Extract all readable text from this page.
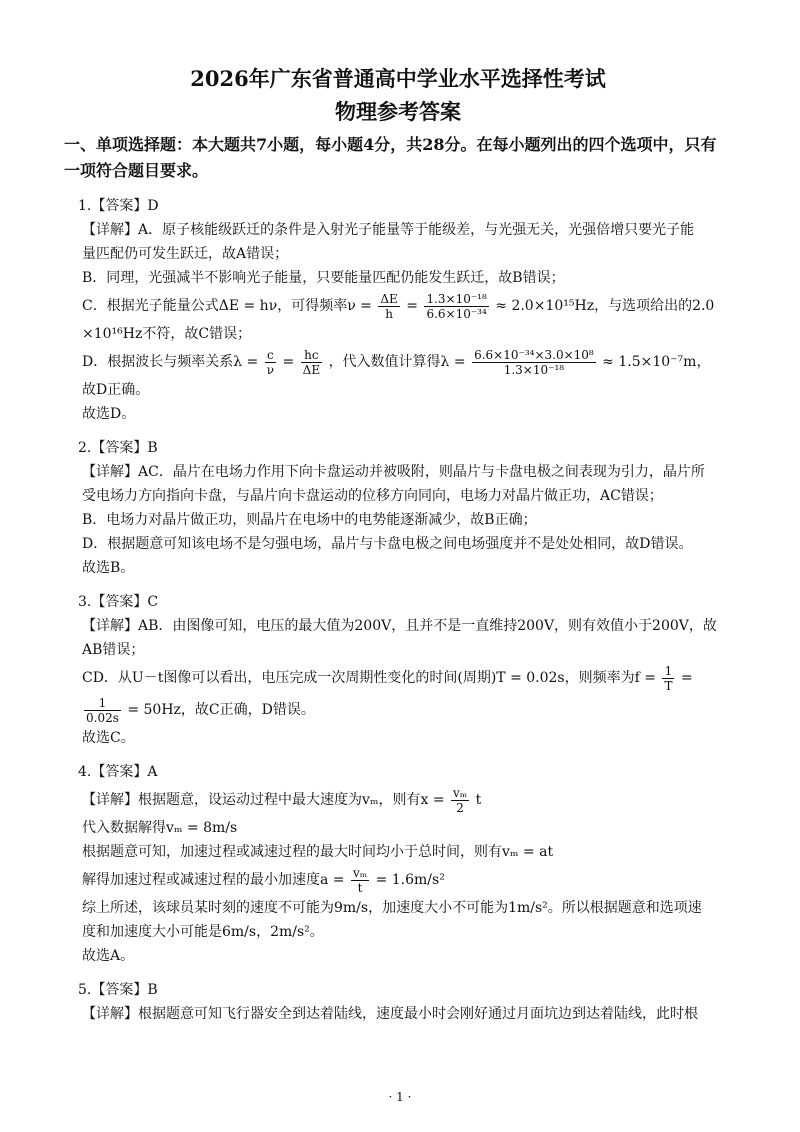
2026年广东省普通高中学业水平选择性考试
物理参考答案
一、单项选择题：本大题共7小题，每小题4分，共28分。在每小题列出的四个选项中，只有一项符合题目要求。
1.【答案】D
【详解】A．原子核能级跃迁的条件是入射光子能量等于能级差，与光强无关，光强倍增只要光子能
量匹配仍可发生跃迁，故A错误；
B．同理，光强减半不影响光子能量，只要能量匹配仍能发生跃迁，故B错误；
C．根据光子能量公式ΔE = hν，可得频率$\nu = \frac{\Delta E}{h} = \frac{\text{1.3×10⁻¹⁸}}{\text{6.6×10⁻³⁴}} \approx 2.0\times 10^{15}Hz$，与选项给出的2.0
×10¹⁶Hz不符，故C错误；
D．根据波长与频率关系$\lambda = \frac{c}{\nu} = \frac{hc}{\Delta E}$ ，代入数值计算得$\lambda = \frac{\text{6.6×10⁻³⁴×3.0×10⁸}}{\text{1.3×10⁻¹⁸}} \approx 1.5\times 10^{-7}m$，
故D正确。
故选D。
2.【答案】B
【详解】AC．晶片在电场力作用下向卡盘运动并被吸附，则晶片与卡盘电极之间表现为引力，晶片所
受电场力方向指向卡盘，与晶片向卡盘运动的位移方向同向，电场力对晶片做正功，AC错误；
B．电场力对晶片做正功，则晶片在电场中的电势能逐渐减少，故B正确；
D．根据题意可知该电场不是匀强电场，晶片与卡盘电极之间电场强度并不是处处相同，故D错误。
故选B。
3.【答案】C
【详解】AB．由图像可知，电压的最大值为200V，且并不是一直维持200V，则有效值小于200V，故
AB错误；
CD．从U－t图像可以看出，电压完成一次周期性变化的时间(周期)T = 0.02s，则频率为$f = \frac{1}{T}$ =
$\frac{1}{0.02s} = 50Hz$，故C正确，D错误。
故选C。
4.【答案】A
【详解】根据题意，设运动过程中最大速度为vₘ，则有$x = \frac{\text{vₘ}}{2}$ t
代入数据解得vₘ = 8m/s
根据题意可知，加速过程或减速过程的最大时间均小于总时间，则有vₘ = at
解得加速过程或减速过程的最小加速度$a = \frac{\text{vₘ}}{t} = 1.6m/s^2$
综上所述，该球员某时刻的速度不可能为9m/s，加速度大小不可能为1m/s²。所以根据题意和选项速
度和加速度大小可能是6m/s，2m/s²。
故选A。
5.【答案】B
【详解】根据题意可知飞行器安全到达着陆线，速度最小时会刚好通过月面坑边到达着陆线，此时根
· 1 ·
